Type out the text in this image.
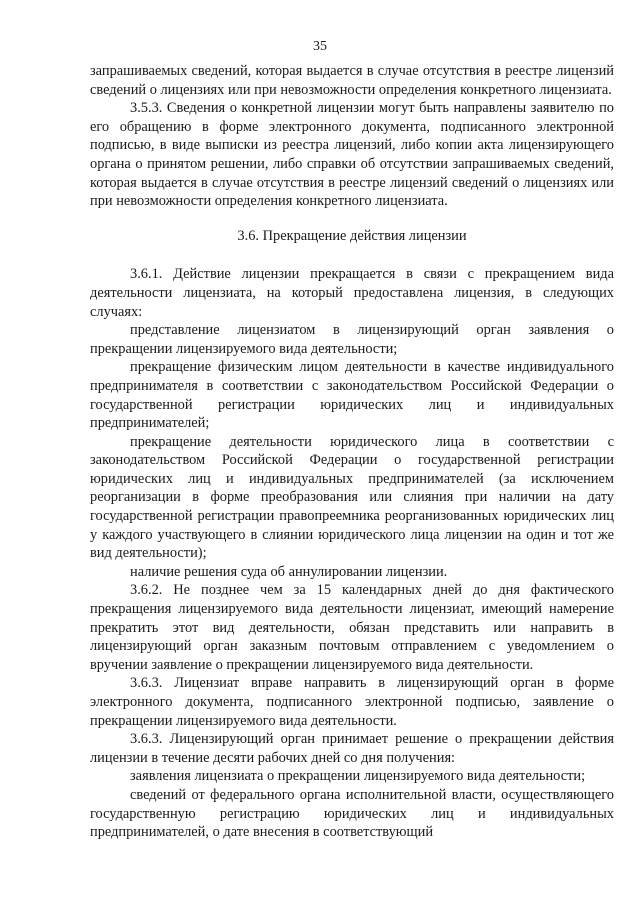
35

запрашиваемых сведений, которая выдается в случае отсутствия в реестре лицензий сведений о лицензиях или при невозможности определения конкретного лицензиата.

3.5.3. Сведения о конкретной лицензии могут быть направлены заявителю по его обращению в форме электронного документа, подписанного электронной подписью, в виде выписки из реестра лицензий, либо копии акта лицензирующего органа о принятом решении, либо справки об отсутствии запрашиваемых сведений, которая выдается в случае отсутствия в реестре лицензий сведений о лицензиях или при невозможности определения конкретного лицензиата.

3.6. Прекращение действия лицензии

3.6.1. Действие лицензии прекращается в связи с прекращением вида деятельности лицензиата, на который предоставлена лицензия, в следующих случаях:

представление лицензиатом в лицензирующий орган заявления о прекращении лицензируемого вида деятельности;

прекращение физическим лицом деятельности в качестве индивидуального предпринимателя в соответствии с законодательством Российской Федерации о государственной регистрации юридических лиц и индивидуальных предпринимателей;

прекращение деятельности юридического лица в соответствии с законодательством Российской Федерации о государственной регистрации юридических лиц и индивидуальных предпринимателей (за исключением реорганизации в форме преобразования или слияния при наличии на дату государственной регистрации правопреемника реорганизованных юридических лиц у каждого участвующего в слиянии юридического лица лицензии на один и тот же вид деятельности);

наличие решения суда об аннулировании лицензии.

3.6.2. Не позднее чем за 15 календарных дней до дня фактического прекращения лицензируемого вида деятельности лицензиат, имеющий намерение прекратить этот вид деятельности, обязан представить или направить в лицензирующий орган заказным почтовым отправлением с уведомлением о вручении заявление о прекращении лицензируемого вида деятельности.

3.6.3. Лицензиат вправе направить в лицензирующий орган в форме электронного документа, подписанного электронной подписью, заявление о прекращении лицензируемого вида деятельности.

3.6.3. Лицензирующий орган принимает решение о прекращении действия лицензии в течение десяти рабочих дней со дня получения:

заявления лицензиата о прекращении лицензируемого вида деятельности;

сведений от федерального органа исполнительной власти, осуществляющего государственную регистрацию юридических лиц и индивидуальных предпринимателей, о дате внесения в соответствующий
